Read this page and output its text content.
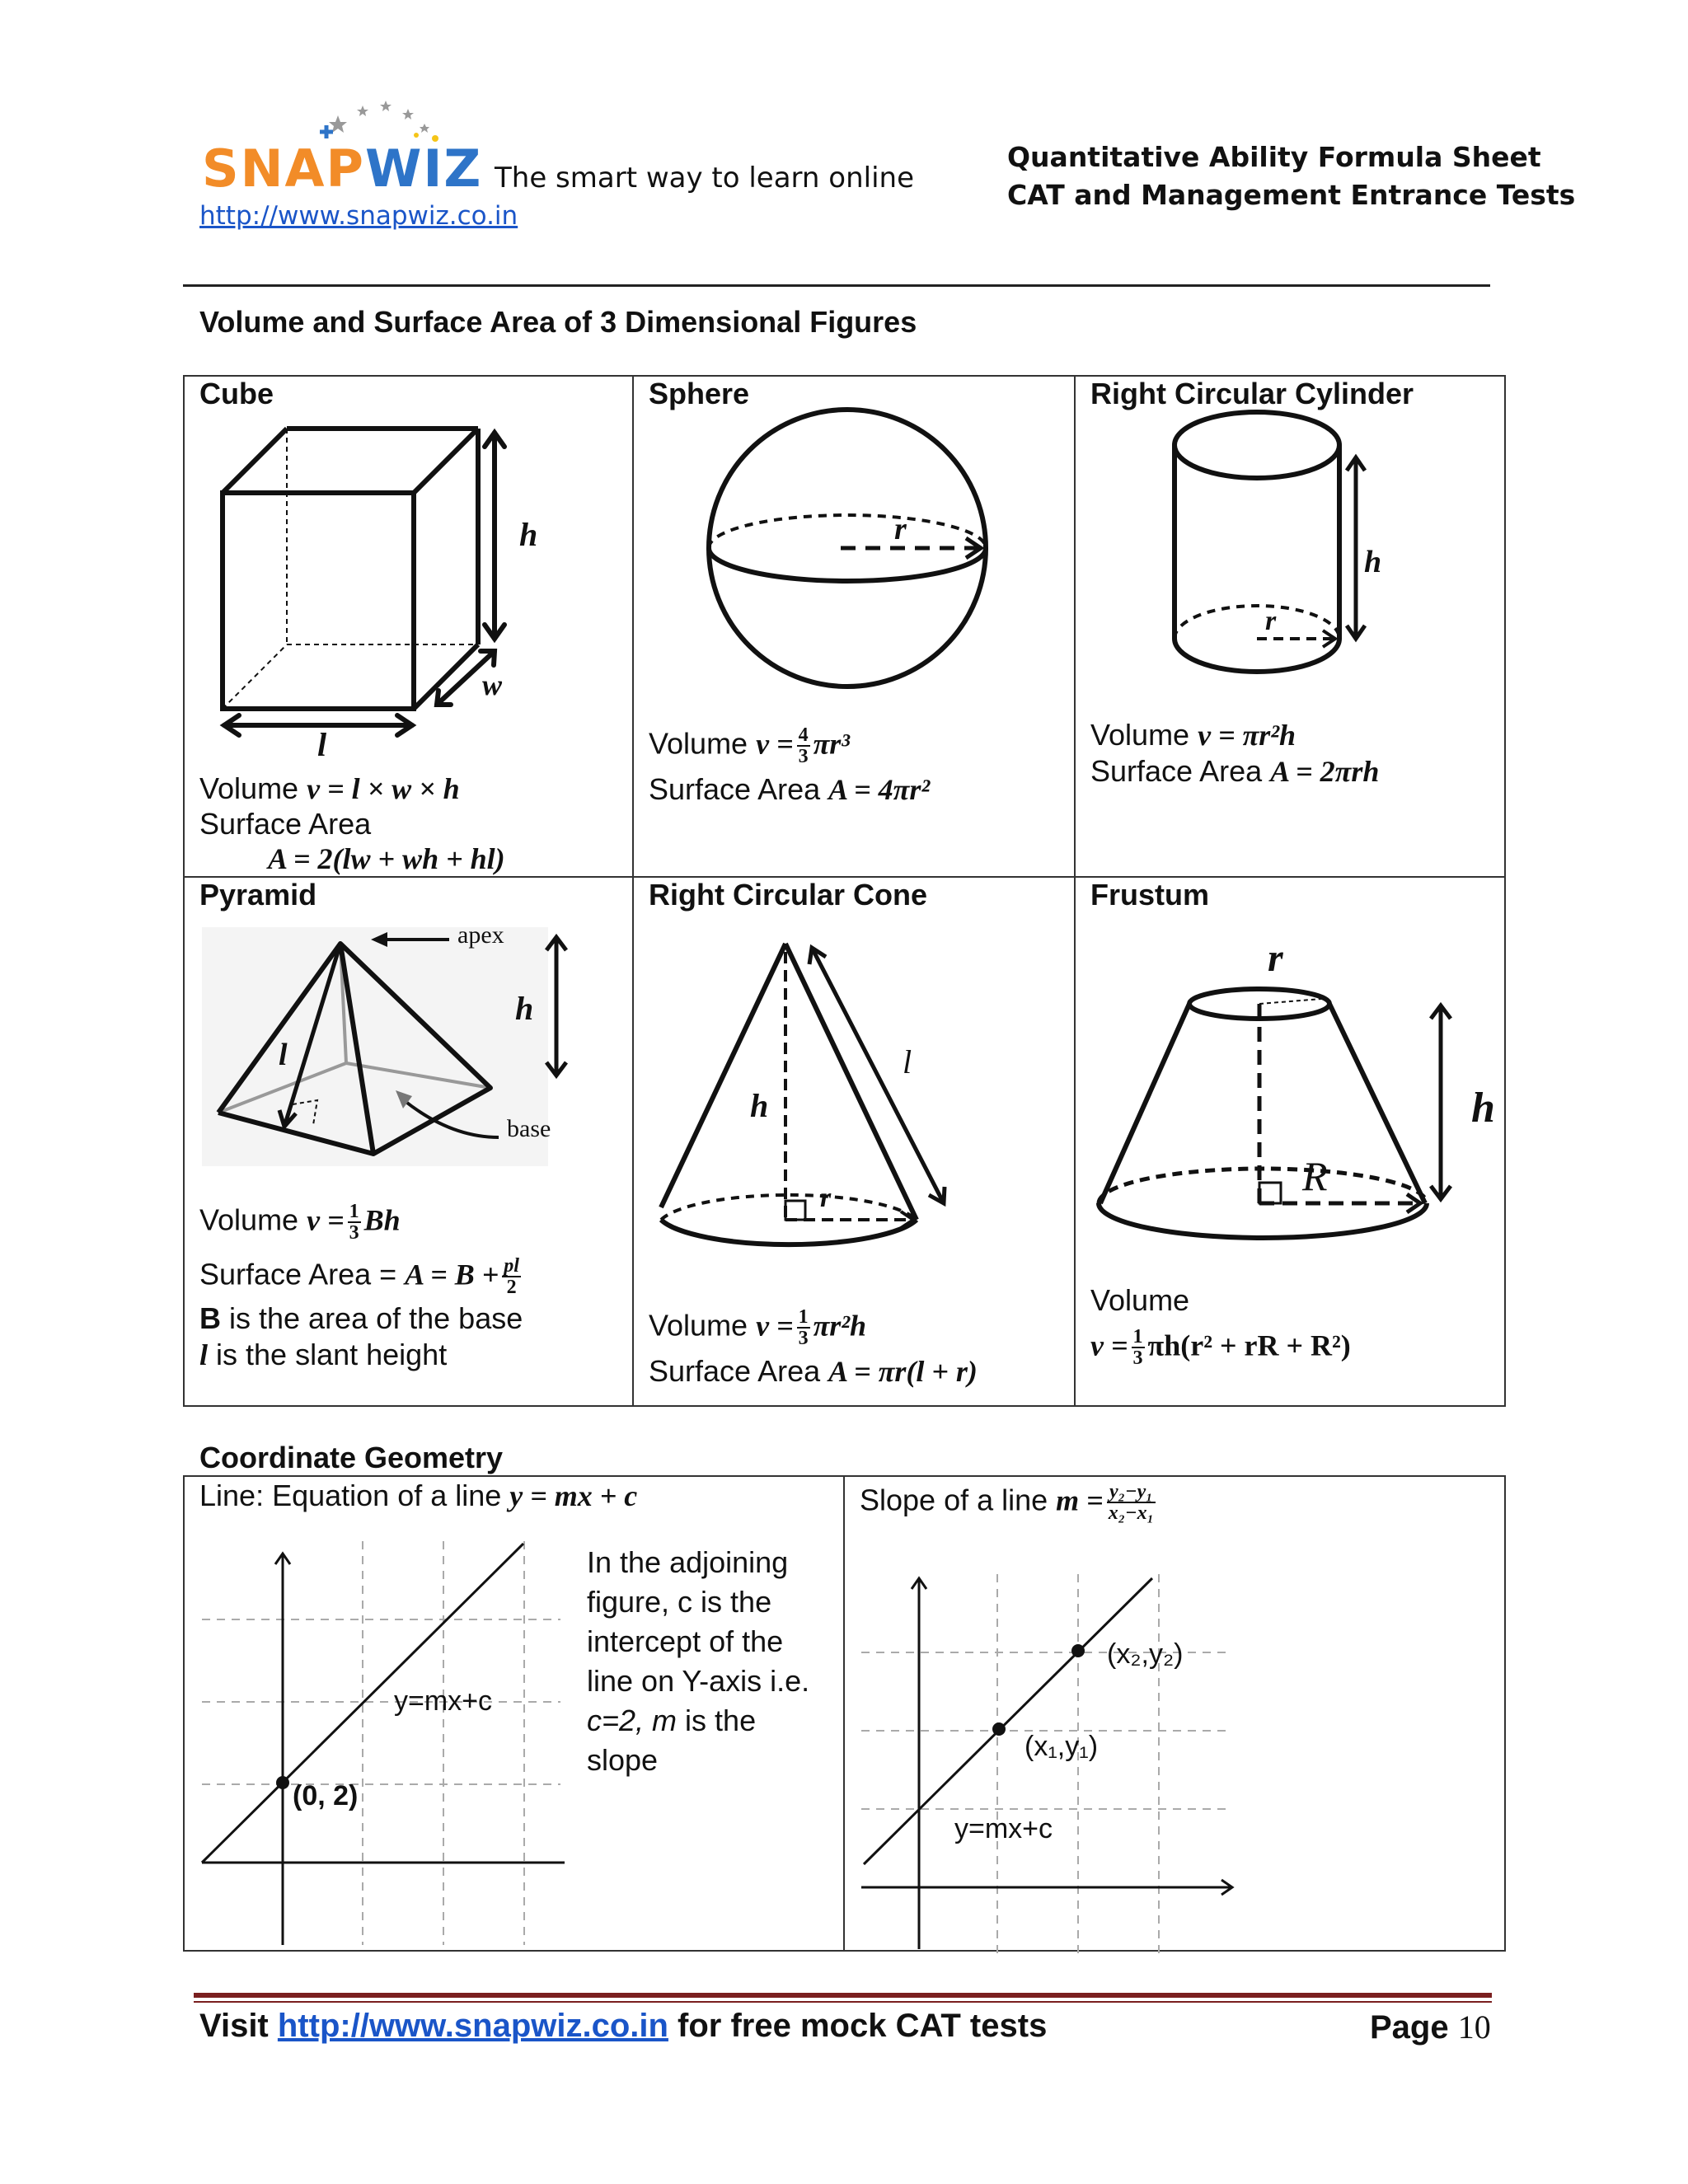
SNAPWIZ The smart way to learn online
http://www.snapwiz.co.in
Quantitative Ability Formula Sheet
CAT and Management Entrance Tests
Volume and Surface Area of 3 Dimensional Figures
Cube
h
w
l
Volume v = l × w × h
Surface Area
A = 2(lw + wh + hl)
Sphere
r
Volume $v = \frac{4}{3} \pi r^3$
Surface Area A = 4πr²
Right Circular Cylinder
h
r
Volume v = πr²h
Surface Area A = 2πrh
Pyramid
apex
base
h
l
Volume $v = \frac{1}{3}$ Bh
Surface Area = $A = B + \frac{pl}{2}$
B is the area of the base
l is the slant height
Right Circular Cone
h
l
r
Volume $v = \frac{1}{3} \pi r^2h$
Surface Area A = πr(l + r)
Frustum
r
R
h
Volume
$v = \frac{1}{3} \pi h(r^2$ + rR + R²)
Coordinate Geometry
Line: Equation of a line y = mx + c
y=mx+c
(0, 2)
In the adjoining
figure, c is the
intercept of the
line on Y-axis i.e.
c=2, m is the
slope
Slope of a line $m = \frac{\text{y₂−y₁}}{\text{x₂−x₁}}$
(x₂,y₂)
(x₁,y₁)
y=mx+c
Visit http://www.snapwiz.co.in for free mock CAT tests	Page 10
